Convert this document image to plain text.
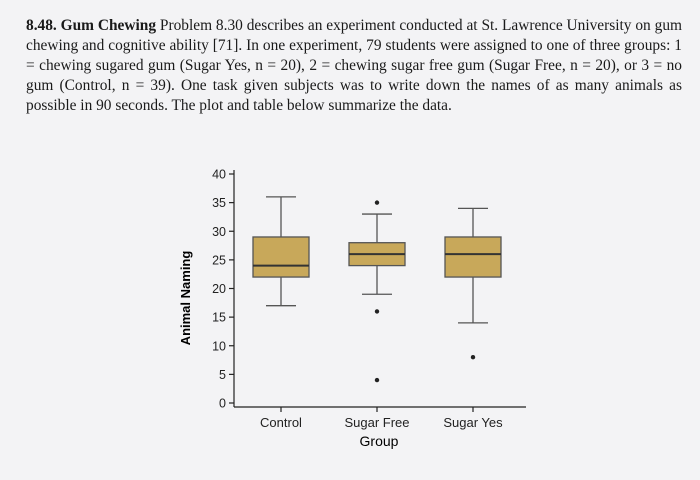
8.48. Gum Chewing Problem 8.30 describes an experiment conducted at St. Lawrence University on gum chewing and cognitive ability [71]. In one experiment, 79 students were assigned to one of three groups: 1 = chewing sugared gum (Sugar Yes, n = 20), 2 = chewing sugar free gum (Sugar Free, n = 20), or 3 = no gum (Control, n = 39). One task given subjects was to write down the names of as many animals as possible in 90 seconds. The plot and table below summarize the data.
Animal Naming
Group
0
5
10
15
20
25
30
35
40
Control	Sugar Free	Sugar Yes
